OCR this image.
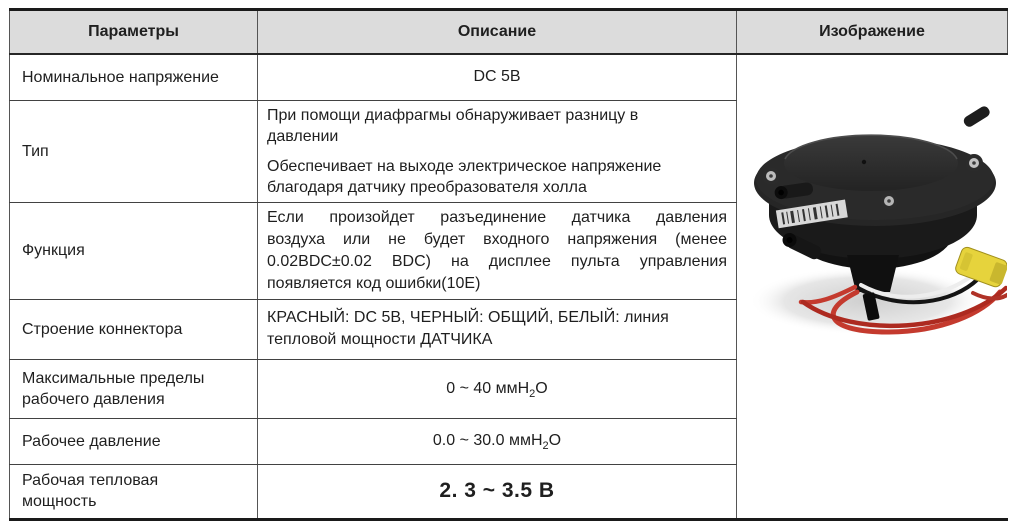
Параметры	Описание	Изображение
Номинальное напряжение	DC 5В	

Тип	При помощи диафрагмы обнаруживает разницу в
давлении
Обеспечивает на выходе электрическое напряжение
благодаря датчику преобразователя холла	

Функция	Если произойдет разъединение датчика давления
воздуха или не будет входного напряжения (менее
0.02BDC±0.02 BDC) на дисплее пульта управления
появляется код ошибки(10E)	

Строение коннектора	КРАСНЫЙ: DC 5В, ЧЕРНЫЙ: ОБЩИЙ, БЕЛЫЙ: линия
тепловой мощности ДАТЧИКА	

Максимальные пределы рабочего давления	0 ~ 40 ммH$_2$O	
Рабочее давление	0.0 ~ 30.0 ммH$_2$O	
Рабочая тепловая мощность	2. 3 ~ 3.5 В	
